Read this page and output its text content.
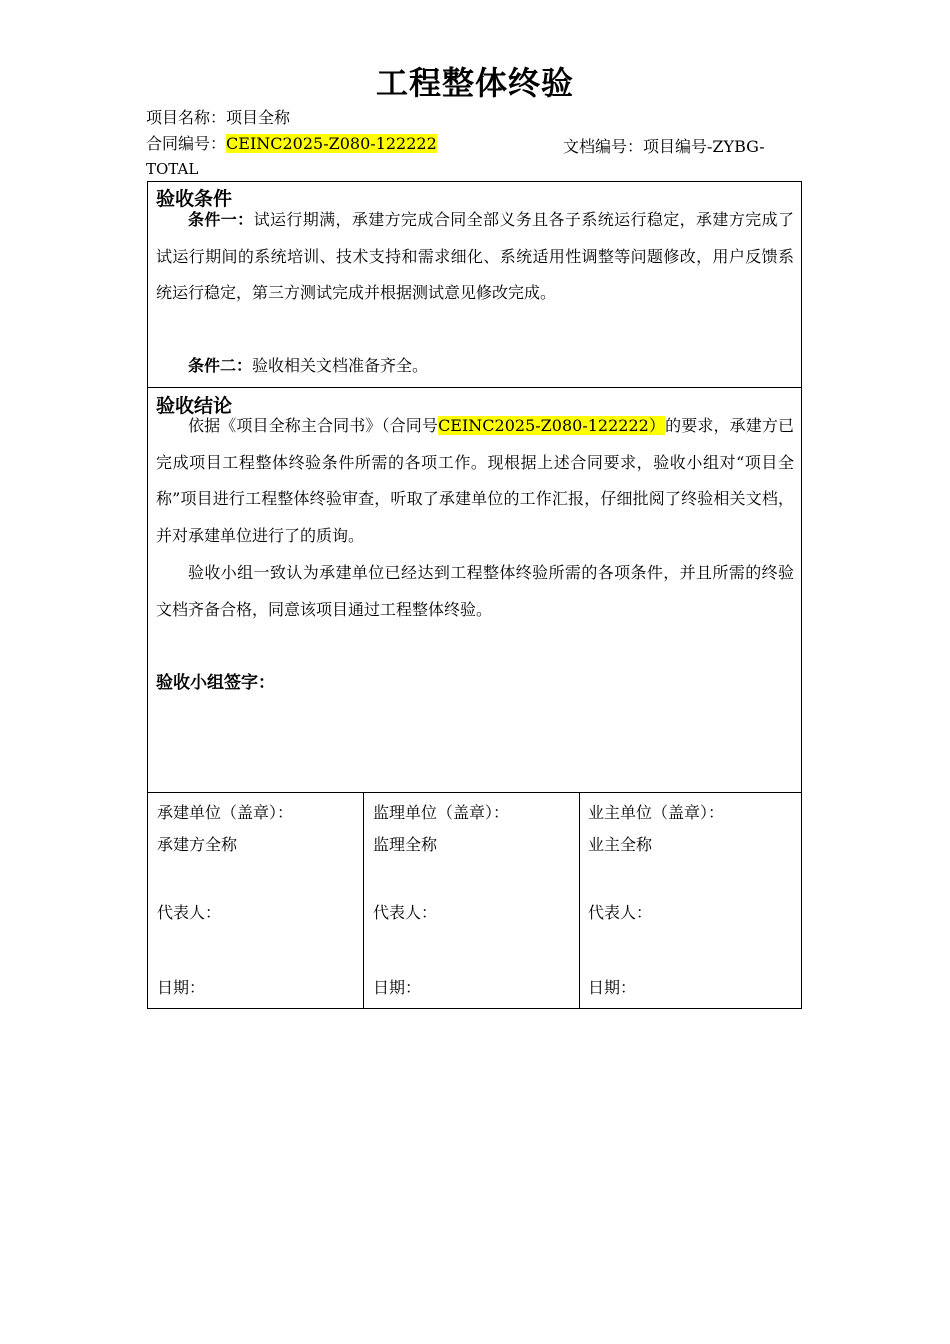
工程整体终验
项目名称：项目全称
合同编号：CEINC2025-Z080-122222	文档编号：项目编号-ZYBG-
TOTAL
验收条件
条件一：试运行期满，承建方完成合同全部义务且各子系统运行稳定，承建方完成了试运行期间的系统培训、技术支持和需求细化、系统适用性调整等问题修改，用户反馈系统运行稳定，第三方测试完成并根据测试意见修改完成。
条件二：验收相关文档准备齐全。
验收结论
依据《项目全称主合同书》（合同号CEINC2025-Z080-122222）的要求，承建方已完成项目工程整体终验条件所需的各项工作。现根据上述合同要求，验收小组对“项目全称”项目进行工程整体终验审查，听取了承建单位的工作汇报，仔细批阅了终验相关文档，并对承建单位进行了的质询。
验收小组一致认为承建单位已经达到工程整体终验所需的各项条件，并且所需的终验文档齐备合格，同意该项目通过工程整体终验。
验收小组签字：
承建单位（盖章）：
承建方全称
代表人：
日期：
监理单位（盖章）：
监理全称
代表人：
日期：
业主单位（盖章）：
业主全称
代表人：
日期：
